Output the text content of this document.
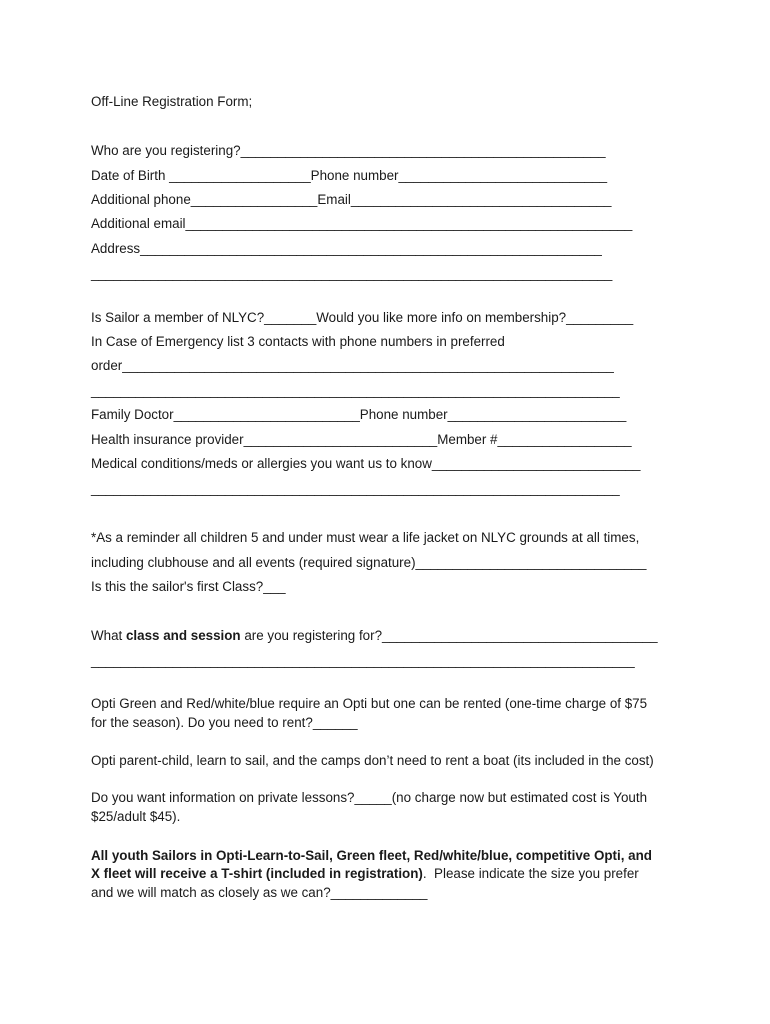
Off-Line Registration Form;
Who are you registering?_________________________________________________
Date of Birth ___________________Phone number____________________________
Additional phone_________________Email___________________________________
Additional email____________________________________________________________
Address______________________________________________________________
______________________________________________________________________
Is Sailor a member of NLYC?_______Would you like more info on membership?_________
In Case of Emergency list 3 contacts with phone numbers in preferred
order__________________________________________________________________
_______________________________________________________________________
Family Doctor_________________________Phone number________________________
Health insurance provider__________________________Member #__________________
Medical conditions/meds or allergies you want us to know____________________________
_______________________________________________________________________
*As a reminder all children 5 and under must wear a life jacket on NLYC grounds at all times,
including clubhouse and all events (required signature)_______________________________
Is this the sailor's first Class?___
What class and session are you registering for?_____________________________________
_________________________________________________________________________
Opti Green and Red/white/blue require an Opti but one can be rented (one-time charge of $75
for the season). Do you need to rent?______
Opti parent-child, learn to sail, and the camps don’t need to rent a boat (its included in the cost)
Do you want information on private lessons?_____(no charge now but estimated cost is Youth
$25/adult $45).
All youth Sailors in Opti-Learn-to-Sail, Green fleet, Red/white/blue, competitive Opti, and
X fleet will receive a T-shirt (included in registration).  Please indicate the size you prefer
and we will match as closely as we can?_____________
